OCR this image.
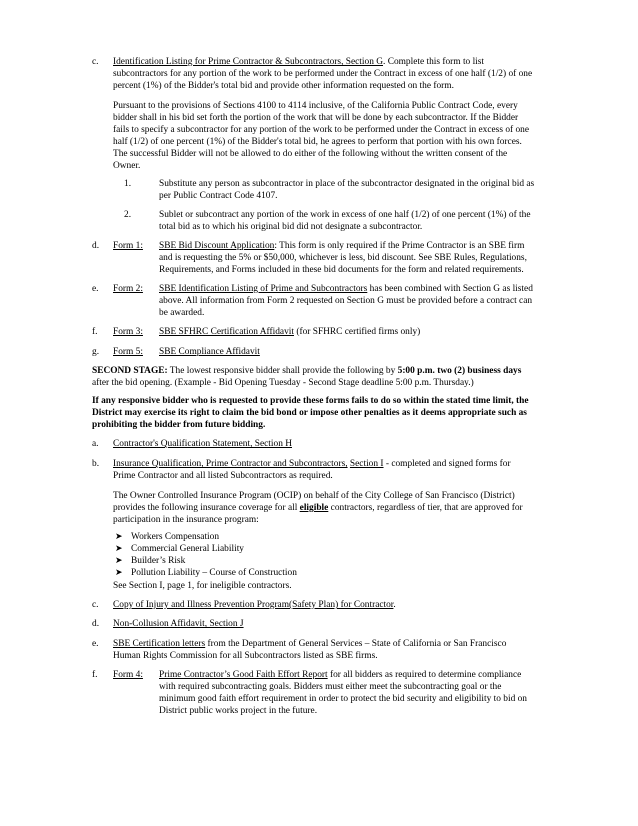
c. Identification Listing for Prime Contractor & Subcontractors, Section G. Complete this form to list
subcontractors for any portion of the work to be performed under the Contract in excess of one half (1/2) of one
percent (1%) of the Bidder's total bid and provide other information requested on the form.
Pursuant to the provisions of Sections 4100 to 4114 inclusive, of the California Public Contract Code, every
bidder shall in his bid set forth the portion of the work that will be done by each subcontractor. If the Bidder
fails to specify a subcontractor for any portion of the work to be performed under the Contract in excess of one
half (1/2) of one percent (1%) of the Bidder's total bid, he agrees to perform that portion with his own forces.
The successful Bidder will not be allowed to do either of the following without the written consent of the
Owner.
1.	Substitute any person as subcontractor in place of the subcontractor designated in the original bid as
per Public Contract Code 4107.
2.	Sublet or subcontract any portion of the work in excess of one half (1/2) of one percent (1%) of the
total bid as to which his original bid did not designate a subcontractor.
d. Form 1: SBE Bid Discount Application: This form is only required if the Prime Contractor is an SBE firm
and is requesting the 5% or $50,000, whichever is less, bid discount. See SBE Rules, Regulations,
Requirements, and Forms included in these bid documents for the form and related requirements.
e. Form 2: SBE Identification Listing of Prime and Subcontractors has been combined with Section G as listed
above. All information from Form 2 requested on Section G must be provided before a contract can
be awarded.
f. Form 3: SBE SFHRC Certification Affidavit (for SFHRC certified firms only)
g. Form 5: SBE Compliance Affidavit
SECOND STAGE: The lowest responsive bidder shall provide the following by 5:00 p.m. two (2) business days
after the bid opening. (Example - Bid Opening Tuesday - Second Stage deadline 5:00 p.m. Thursday.)
If any responsive bidder who is requested to provide these forms fails to do so within the stated time limit, the
District may exercise its right to claim the bid bond or impose other penalties as it deems appropriate such as
prohibiting the bidder from future bidding.
a. Contractor's Qualification Statement, Section H
b. Insurance Qualification, Prime Contractor and Subcontractors, Section I - completed and signed forms for
Prime Contractor and all listed Subcontractors as required.
The Owner Controlled Insurance Program (OCIP) on behalf of the City College of San Francisco (District)
provides the following insurance coverage for all eligible contractors, regardless of tier, that are approved for
participation in the insurance program:
➤ Workers Compensation
➤ Commercial General Liability
➤ Builder’s Risk
➤ Pollution Liability – Course of Construction
See Section I, page 1, for ineligible contractors.
c. Copy of Injury and Illness Prevention Program(Safety Plan) for Contractor.
d. Non-Collusion Affidavit, Section J
e. SBE Certification letters from the Department of General Services – State of California or San Francisco
Human Rights Commission for all Subcontractors listed as SBE firms.
f. Form 4: Prime Contractor’s Good Faith Effort Report for all bidders as required to determine compliance
with required subcontracting goals. Bidders must either meet the subcontracting goal or the
minimum good faith effort requirement in order to protect the bid security and eligibility to bid on
District public works project in the future.
